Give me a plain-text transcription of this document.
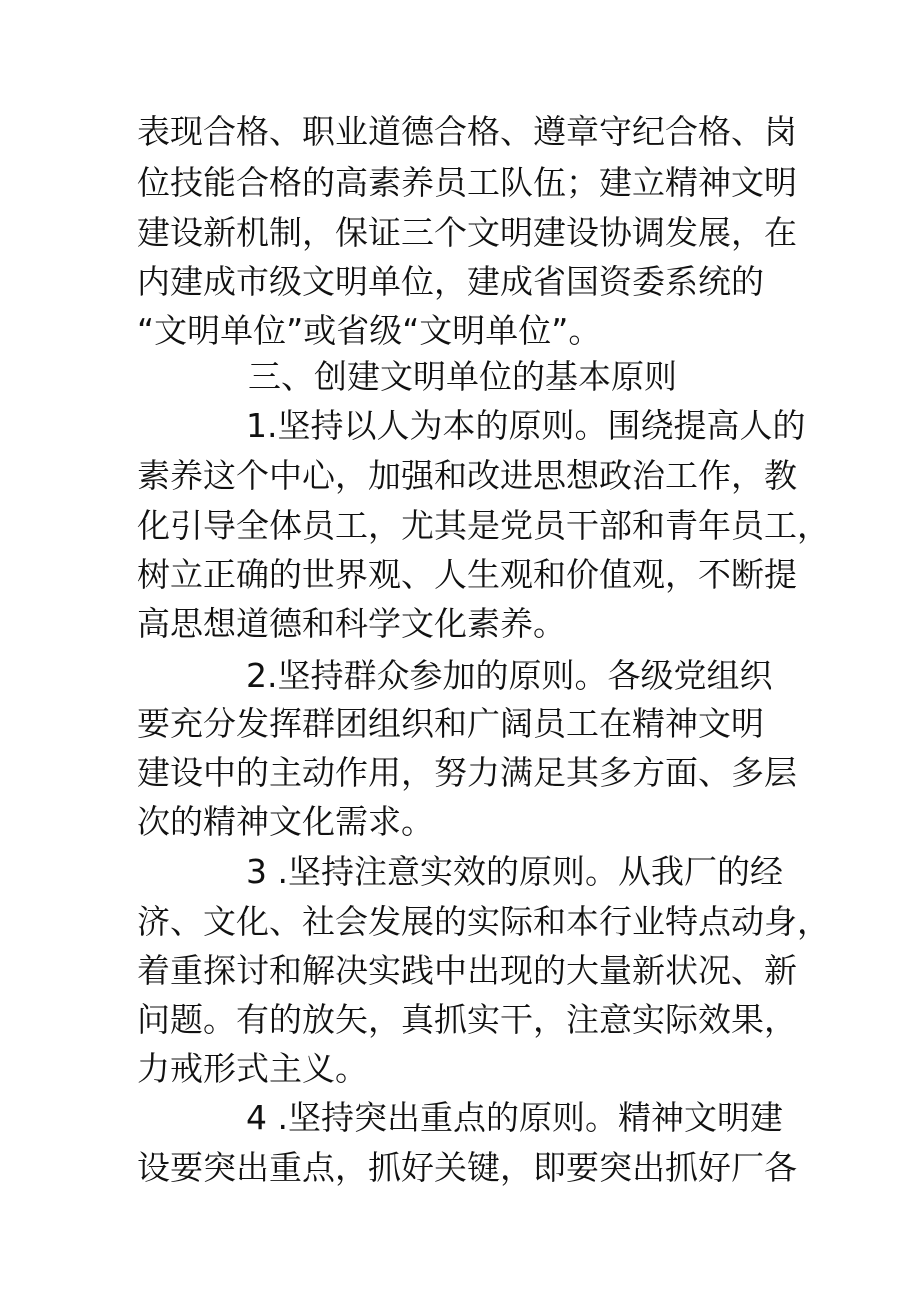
表现合格、职业道德合格、遵章守纪合格、岗
位技能合格的高素养员工队伍；建立精神文明
建设新机制，保证三个文明建设协调发展，在
内建成市级文明单位，建成省国资委系统的
“文明单位”或省级“文明单位”。
三、创建文明单位的基本原则
1.坚持以人为本的原则。围绕提高人的
素养这个中心，加强和改进思想政治工作，教
化引导全体员工，尤其是党员干部和青年员工，
树立正确的世界观、人生观和价值观，不断提
高思想道德和科学文化素养。
2.坚持群众参加的原则。各级党组织
要充分发挥群团组织和广阔员工在精神文明
建设中的主动作用，努力满足其多方面、多层
次的精神文化需求。
3 .坚持注意实效的原则。从我厂的经
济、文化、社会发展的实际和本行业特点动身，
着重探讨和解决实践中出现的大量新状况、新
问题。有的放矢，真抓实干，注意实际效果，
力戒形式主义。
4 .坚持突出重点的原则。精神文明建
设要突出重点，抓好关键，即要突出抓好厂各
